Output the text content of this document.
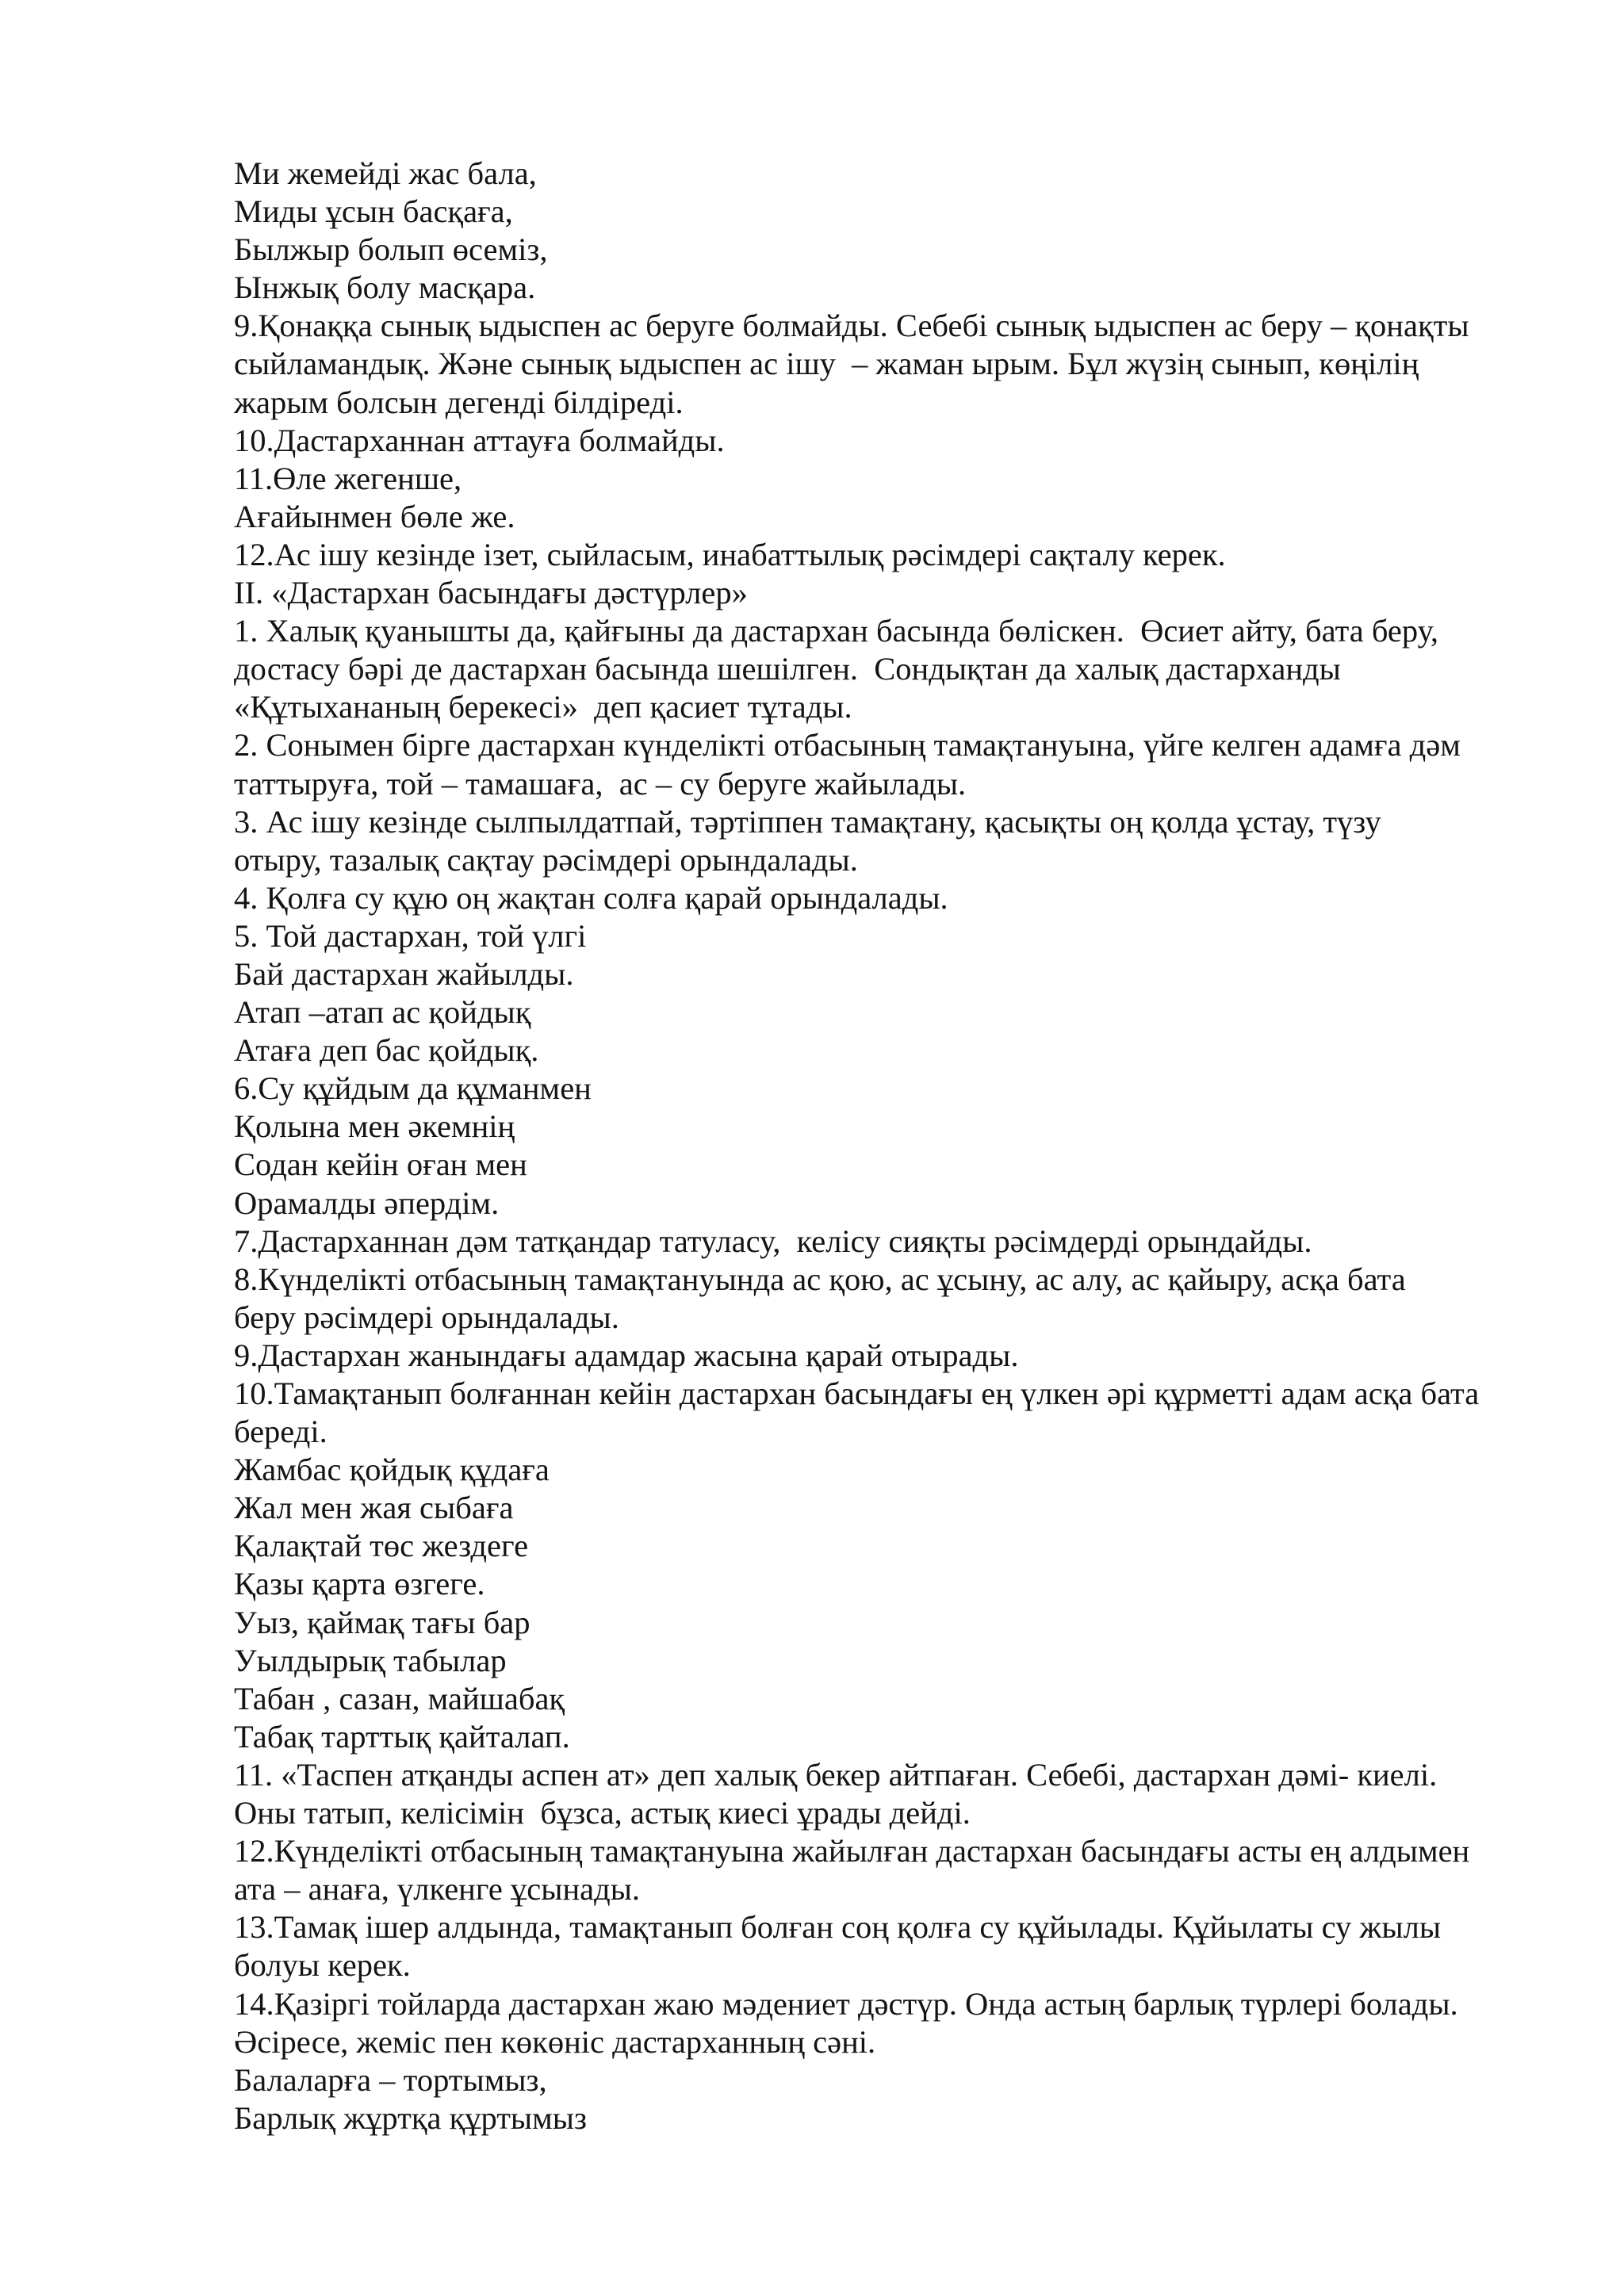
Ми жемейді жас бала,
Миды ұсын басқаға,
Былжыр болып өсеміз,
Ынжық болу масқара.
9.Қонаққа сынық ыдыспен ас беруге болмайды. Себебі сынық ыдыспен ас беру – қонақты
сыйламандық. Және сынық ыдыспен ас ішу  – жаман ырым. Бұл жүзің сынып, көңілің
жарым болсын дегенді білдіреді.
10.Дастарханнан аттауға болмайды.
11.Өле жегенше,
Ағайынмен бөле же.
12.Ас ішу кезінде ізет, сыйласым, инабаттылық рәсімдері сақталу керек.
ІІ. «Дастархан басындағы дәстүрлер»
1. Халық қуанышты да, қайғыны да дастархан басында бөліскен.  Өсиет айту, бата беру,
достасу бәрі де дастархан басында шешілген.  Сондықтан да халық дастарханды
«Құтыхананың берекесі»  деп қасиет тұтады.
2. Сонымен бірге дастархан күнделікті отбасының тамақтануына, үйге келген адамға дәм
таттыруға, той – тамашаға,  ас – су беруге жайылады.
3. Ас ішу кезінде сылпылдатпай, тәртіппен тамақтану, қасықты оң қолда ұстау, түзу
отыру, тазалық сақтау рәсімдері орындалады.
4. Қолға су құю оң жақтан солға қарай орындалады.
5. Той дастархан, той үлгі
Бай дастархан жайылды.
Атап –атап ас қойдық
Атаға деп бас қойдық.
6.Су құйдым да құманмен
Қолына мен әкемнің
Содан кейін оған мен
Орамалды әпердім.
7.Дастарханнан дәм татқандар татуласу,  келісу сияқты рәсімдерді орындайды.
8.Күнделікті отбасының тамақтануында ас қою, ас ұсыну, ас алу, ас қайыру, асқа бата
беру рәсімдері орындалады.
9.Дастархан жанындағы адамдар жасына қарай отырады.
10.Тамақтанып болғаннан кейін дастархан басындағы ең үлкен әрі құрметті адам асқа бата
береді.
Жамбас қойдық құдаға
Жал мен жая сыбаға
Қалақтай төс жездеге
Қазы қарта өзгеге.
Уыз, қаймақ тағы бар
Уылдырық табылар
Табан , сазан, майшабақ
Табақ тарттық қайталап.
11. «Таспен атқанды аспен ат» деп халық бекер айтпаған. Себебі, дастархан дәмі- киелі.
Оны татып, келісімін  бұзса, астық киесі ұрады дейді.
12.Күнделікті отбасының тамақтануына жайылған дастархан басындағы асты ең алдымен
ата – анаға, үлкенге ұсынады.
13.Тамақ ішер алдында, тамақтанып болған соң қолға су құйылады. Құйылаты су жылы
болуы керек.
14.Қазіргі тойларда дастархан жаю мәдениет дәстүр. Онда астың барлық түрлері болады.
Әсіресе, жеміс пен көкөніс дастарханның сәні.
Балаларға – тортымыз,
Барлық жұртқа құртымыз
